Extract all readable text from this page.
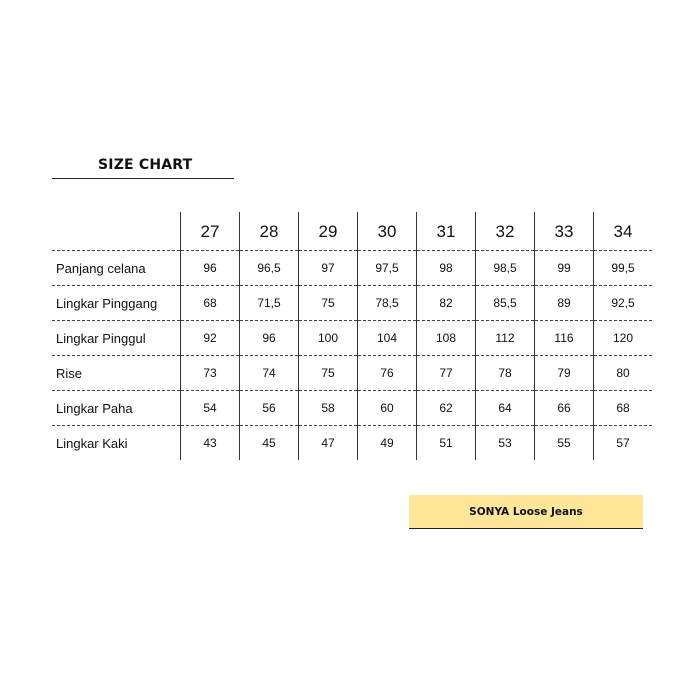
SIZE CHART
	27	28	29	30	31	32	33	34
Panjang celana	96	96,5	97	97,5	98	98,5	99	99,5
Lingkar Pinggang	68	71,5	75	78,5	82	85,5	89	92,5
Lingkar Pinggul	92	96	100	104	108	112	116	120
Rise	73	74	75	76	77	78	79	80
Lingkar Paha	54	56	58	60	62	64	66	68
Lingkar Kaki	43	45	47	49	51	53	55	57
SONYA Loose Jeans
